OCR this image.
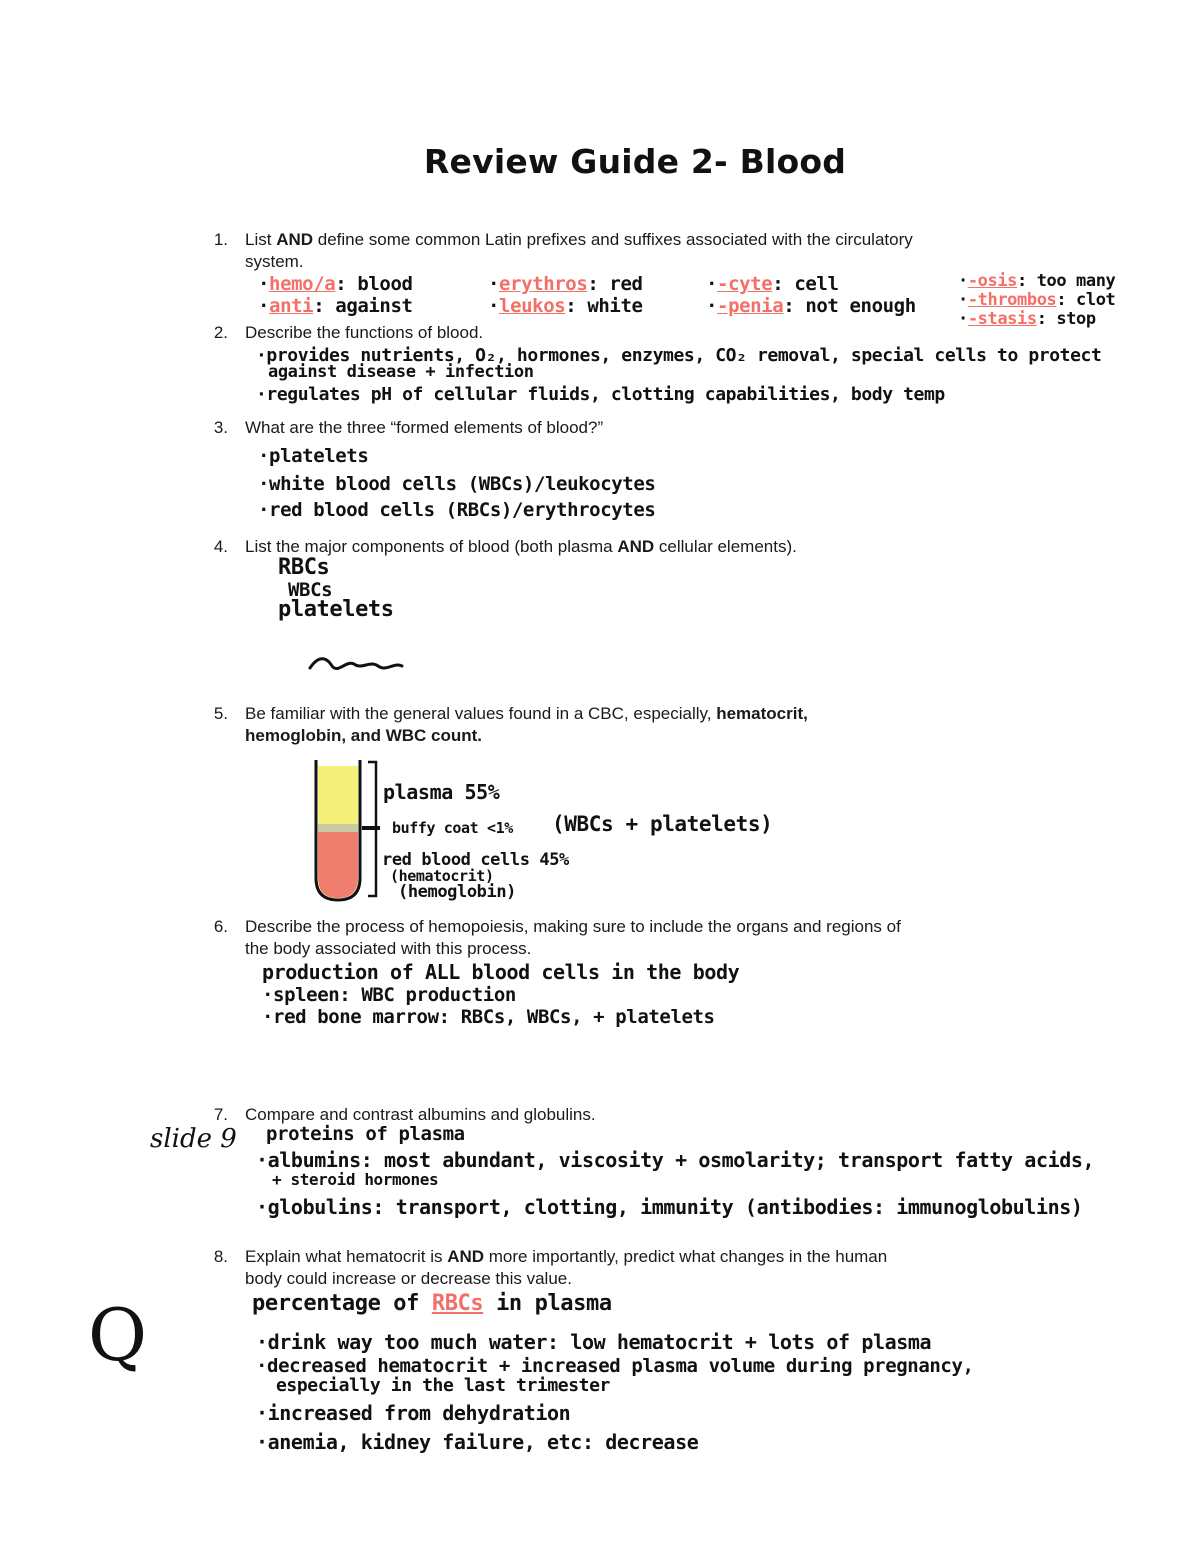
Review Guide 2- Blood
1. List AND define some common Latin prefixes and suffixes associated with the circulatory
system.
·hemo/a: blood
·anti: against
·erythros: red
·leukos: white
·-cyte: cell
·-penia: not enough
·-osis: too many
·-thrombos: clot
·-stasis: stop
2. Describe the functions of blood.
·provides nutrients, O₂, hormones, enzymes, CO₂ removal, special cells to protect
against disease + infection
·regulates pH of cellular fluids, clotting capabilities, body temp
3. What are the three “formed elements of blood?”
·platelets
·white blood cells (WBCs)/leukocytes
·red blood cells (RBCs)/erythrocytes
4. List the major components of blood (both plasma AND cellular elements).
RBCs
WBCs
platelets
5. Be familiar with the general values found in a CBC, especially, hematocrit,
hemoglobin, and WBC count.
plasma 55%
buffy coat <1% (WBCs + platelets)
red blood cells 45%
(hematocrit)
(hemoglobin)
6. Describe the process of hemopoiesis, making sure to include the organs and regions of
the body associated with this process.
production of ALL blood cells in the body
·spleen: WBC production
·red bone marrow: RBCs, WBCs, + platelets
7. Compare and contrast albumins and globulins.
slide 9 proteins of plasma
·albumins: most abundant, viscosity + osmolarity; transport fatty acids,
+ steroid hormones
·globulins: transport, clotting, immunity (antibodies: immunoglobulins)
8. Explain what hematocrit is AND more importantly, predict what changes in the human
body could increase or decrease this value.
Q	percentage of RBCs in plasma
·drink way too much water: low hematocrit + lots of plasma
·decreased hematocrit + increased plasma volume during pregnancy,
especially in the last trimester
·increased from dehydration
·anemia, kidney failure, etc: decrease
